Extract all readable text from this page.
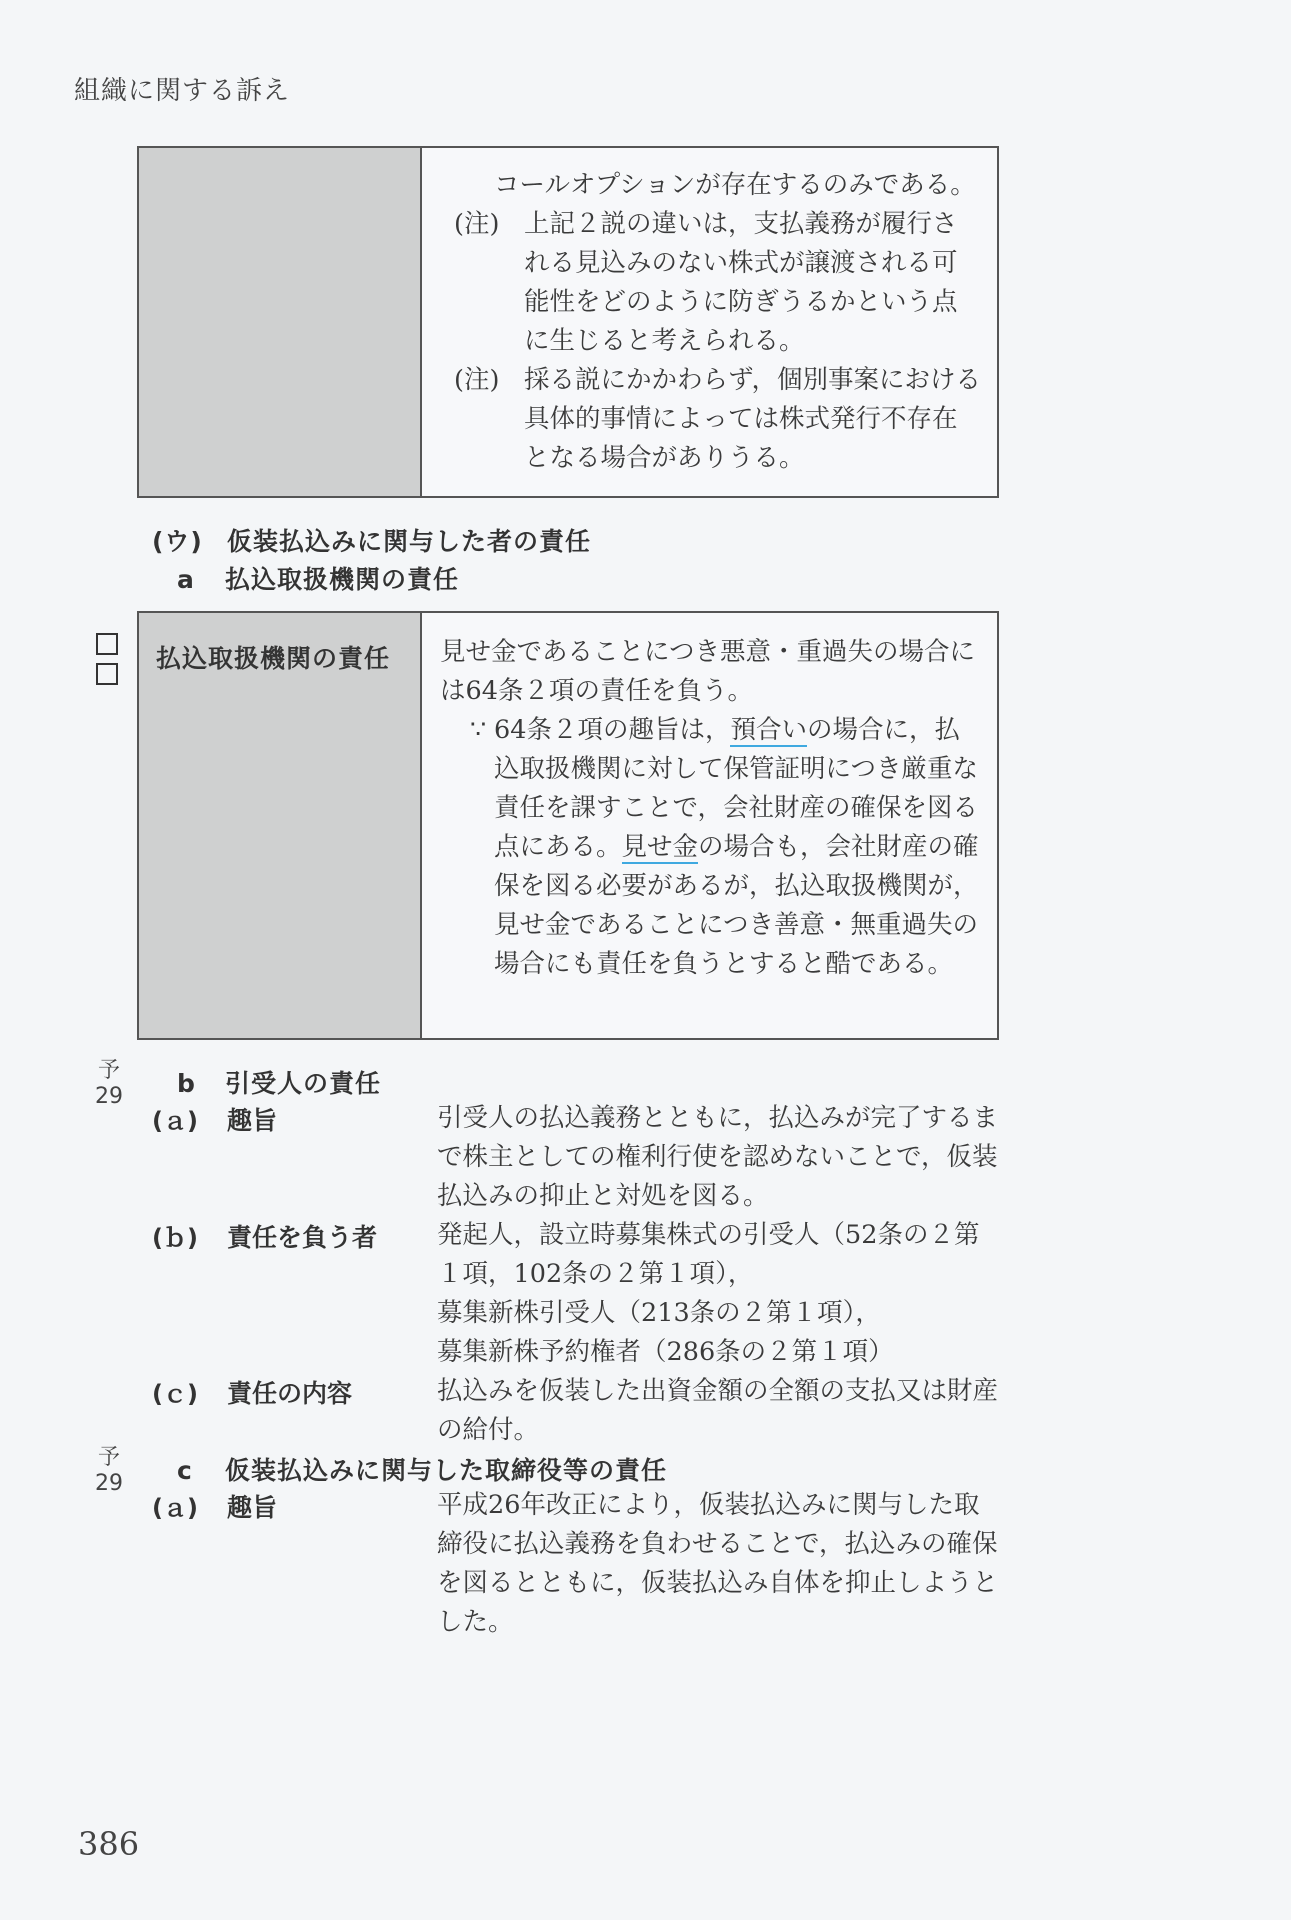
組織に関する訴え
コールオプションが存在するのみである。
(注) 上記２説の違いは，支払義務が履行される見込みのない株式が譲渡される可能性をどのように防ぎうるかという点に生じると考えられる。
(注) 採る説にかかわらず，個別事案における具体的事情によっては株式発行不存在となる場合がありうる。
(ウ) 仮装払込みに関与した者の責任
a 払込取扱機関の責任
払込取扱機関の責任	見せ金であることにつき悪意・重過失の場合には64条２項の責任を負う。
∵ 64条２項の趣旨は，預合いの場合に，払込取扱機関に対して保管証明につき厳重な責任を課すことで，会社財産の確保を図る点にある。見せ金の場合も，会社財産の確保を図る必要があるが，払込取扱機関が，見せ金であることにつき善意・無重過失の場合にも責任を負うとすると酷である。
予
29 b 引受人の責任
(ａ)	趣旨	引受人の払込義務とともに，払込みが完了するまで株主としての権利行使を認めないことで，仮装払込みの抑止と対処を図る。
(ｂ)	責任を負う者	発起人，設立時募集株式の引受人（52条の２第１項，102条の２第１項），
募集新株引受人（213条の２第１項），
募集新株予約権者（286条の２第１項）
(ｃ)	責任の内容	払込みを仮装した出資金額の全額の支払又は財産の給付。
予
29 c 仮装払込みに関与した取締役等の責任
(ａ)	趣旨	平成26年改正により，仮装払込みに関与した取締役に払込義務を負わせることで，払込みの確保を図るとともに，仮装払込み自体を抑止しようとした。
386
